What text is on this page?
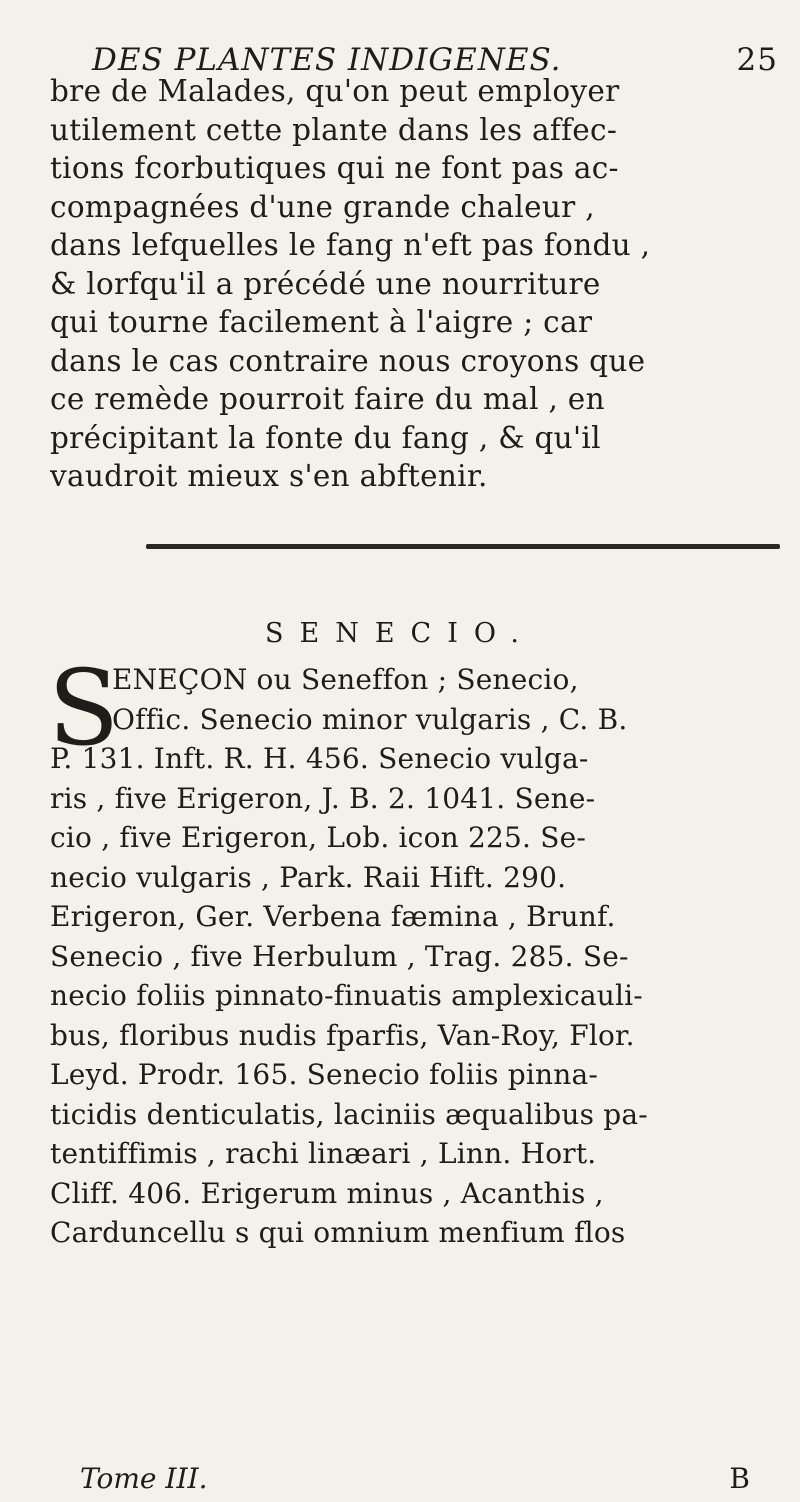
DES PLANTES INDIGENES.	25
bre de Malades, qu'on peut employer
utilement cette plante dans les affec-
tions fcorbutiques qui ne font pas ac-
compagnées d'une grande chaleur ,
dans lefquelles le fang n'eft pas fondu ,
& lorfqu'il a précédé une nourriture
qui tourne facilement à l'aigre ; car
dans le cas contraire nous croyons que
ce remède pourroit faire du mal , en
précipitant la fonte du fang , & qu'il
vaudroit mieux s'en abftenir.
SENECIO.
S
ENEÇON ou Seneffon ; Senecio,
Offic. Senecio minor vulgaris , C. B.
P. 131. Inft. R. H. 456. Senecio vulga-
ris , five Erigeron, J. B. 2. 1041. Sene-
cio , five Erigeron, Lob. icon 225. Se-
necio vulgaris , Park. Raii Hift. 290.
Erigeron, Ger. Verbena fæmina , Brunf.
Senecio , five Herbulum , Trag. 285. Se-
necio foliis pinnato-finuatis amplexicauli-
bus, floribus nudis fparfis, Van-Roy, Flor.
Leyd. Prodr. 165. Senecio foliis pinna-
ticidis denticulatis, laciniis æqualibus pa-
tentiffimis , rachi linæari , Linn. Hort.
Cliff. 406. Erigerum minus , Acanthis ,
Carduncellu s qui omnium menfium flos
Tome III.	B
